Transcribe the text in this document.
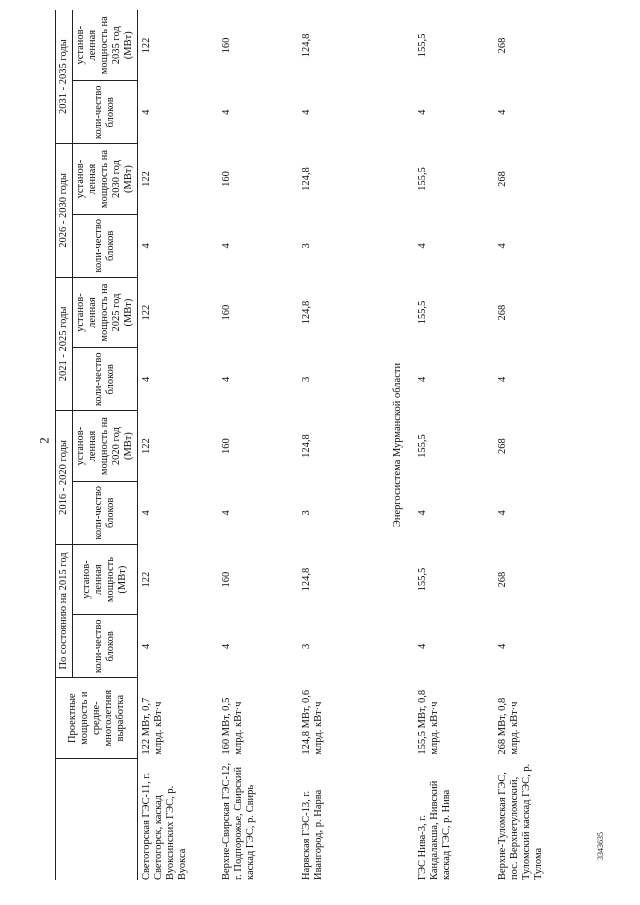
2
3343635
	Проектные мощность и средне-многолетняя выработка	По состоянию на 2015 год		2016 - 2020 годы		2021 - 2025 годы		2026 - 2030 годы		2031 - 2035 годы	
		коли-чество блоков	установ-ленная мощность (МВт)	коли-чество блоков	установ-ленная мощность на 2020 год (МВт)	коли-чество блоков	установ-ленная мощность на 2025 год (МВт)	коли-чество блоков	установ-ленная мощность на 2030 год (МВт)	коли-чество блоков	установ-ленная мощность на 2035 год (МВт)
Светогорская ГЭС-11, г. Светогорск, каскад Вуоксинских ГЭС, р. Вуокса	122 МВт, 0,7 млрд. кВт·ч	4	122	4	122	4	122	4	122	4	122
Верхне-Свирская ГЭС-12, г. Подпорожье, Свирский каскад ГЭС, р. Свирь	160 МВт, 0,5 млрд. кВт·ч	4	160	4	160	4	160	4	160	4	160
Нарвская ГЭС-13, г. Ивангород, р. Нарва	124,8 МВт, 0,6 млрд. кВт·ч	3	124,8	3	124,8	3	124,8	3	124,8	4	124,8
Энергосистема Мурманской области											
ГЭС Нива-3, г. Кандалакша, Нивский каскад ГЭС, р. Нива	155,5 МВт, 0,8 млрд. кВт·ч	4	155,5	4	155,5	4	155,5	4	155,5	4	155,5
Верхне-Туломская ГЭС, пос. Верхнетуломский, Туломский каскад ГЭС, р. Тулома	268 МВт, 0,8 млрд. кВт·ч	4	268	4	268	4	268	4	268	4	268
